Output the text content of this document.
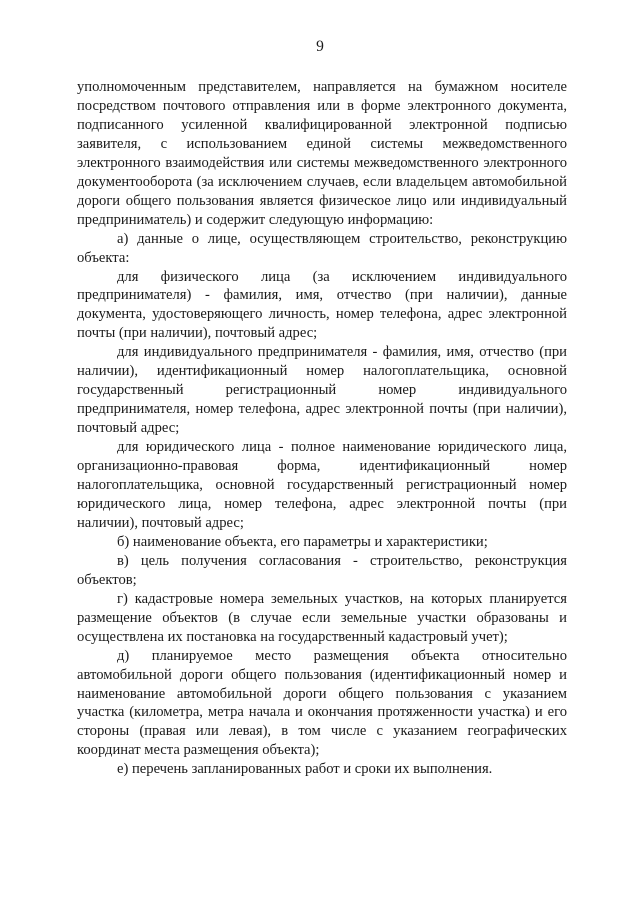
9

уполномоченным представителем, направляется на бумажном носителе посредством почтового отправления или в форме электронного документа, подписанного усиленной квалифицированной электронной подписью заявителя, с использованием единой системы межведомственного электронного взаимодействия или системы межведомственного электронного документооборота (за исключением случаев, если владельцем автомобильной дороги общего пользования является физическое лицо или индивидуальный предприниматель) и содержит следующую информацию:

а) данные о лице, осуществляющем строительство, реконструкцию объекта:

для физического лица (за исключением индивидуального предпринимателя) - фамилия, имя, отчество (при наличии), данные документа, удостоверяющего личность, номер телефона, адрес электронной почты (при наличии), почтовый адрес;

для индивидуального предпринимателя - фамилия, имя, отчество (при наличии), идентификационный номер налогоплательщика, основной государственный регистрационный номер индивидуального предпринимателя, номер телефона, адрес электронной почты (при наличии), почтовый адрес;

для юридического лица - полное наименование юридического лица, организационно-правовая форма, идентификационный номер налогоплательщика, основной государственный регистрационный номер юридического лица, номер телефона, адрес электронной почты (при наличии), почтовый адрес;

б) наименование объекта, его параметры и характеристики;

в) цель получения согласования - строительство, реконструкция объектов;

г) кадастровые номера земельных участков, на которых планируется размещение объектов (в случае если земельные участки образованы и осуществлена их постановка на государственный кадастровый учет);

д) планируемое место размещения объекта относительно автомобильной дороги общего пользования (идентификационный номер и наименование автомобильной дороги общего пользования с указанием участка (километра, метра начала и окончания протяженности участка) и его стороны (правая или левая), в том числе с указанием географических координат места размещения объекта);

е) перечень запланированных работ и сроки их выполнения.
